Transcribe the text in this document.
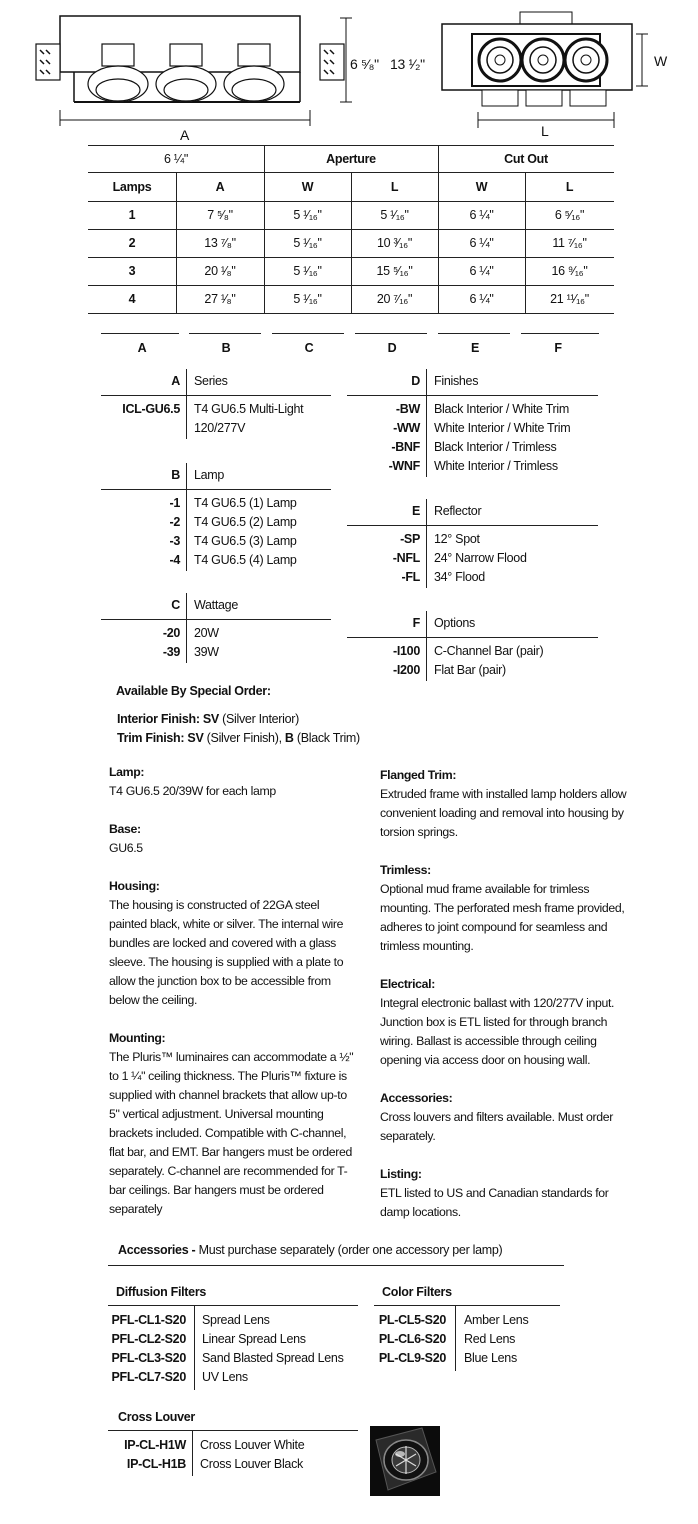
6 ⁵⁄₈"
A
13 ¹⁄₂"	W
L
6 ¼"	Aperture	Cut Out
Lamps	A	W	L	W	L
1	7 ⁵⁄₈"	5 ¹⁄₁₆"	5 ¹⁄₁₆"	6 ¼"	6 ⁵⁄₁₆"
2	13 ⁷⁄₈"	5 ¹⁄₁₆"	10 ³⁄₁₆"	6 ¼"	11 ⁷⁄₁₆"
3	20 ¹⁄₈"	5 ¹⁄₁₆"	15 ⁵⁄₁₆"	6 ¼"	16 ⁹⁄₁₆"
4	27 ¹⁄₈"	5 ¹⁄₁₆"	20 ⁷⁄₁₆"	6 ¼"	21 ¹¹⁄₁₆"
A	B	C	D	E	F
A Series
ICL-GU6.5 T4 GU6.5 Multi-Light
120/277V
B Lamp
-1 T4 GU6.5 (1) Lamp
-2 T4 GU6.5 (2) Lamp
-3 T4 GU6.5 (3) Lamp
-4 T4 GU6.5 (4) Lamp
C Wattage
-20 20W
-39 39W
D Finishes
-BW Black Interior / White Trim
-WW White Interior / White Trim
-BNF Black Interior / Trimless
-WNF White Interior / Trimless
E Reflector
-SP 12° Spot
-NFL 24° Narrow Flood
-FL 34° Flood
F Options
-I100 C-Channel Bar (pair)
-I200 Flat Bar (pair)
Available By Special Order:
Interior Finish: SV (Silver Interior)
Trim Finish: SV (Silver Finish), B (Black Trim)

Lamp:
T4 GU6.5 20/39W for each lamp

Base:
GU6.5

Housing:
The housing is constructed of 22GA steel painted black, white or silver. The internal wire bundles are locked and covered with a glass sleeve. The housing is supplied with a plate to allow the junction box to be accessible from below the ceiling.

Mounting:
The Pluris™ luminaires can accommodate a ½" to 1 ¼" ceiling thickness. The Pluris™ fixture is supplied with channel brackets that allow up-to 5" vertical adjustment. Universal mounting brackets included. Compatible with C-channel, flat bar, and EMT. Bar hangers must be ordered separately. C-channel are recommended for T-bar ceilings. Bar hangers must be ordered separately

Flanged Trim:
Extruded frame with installed lamp holders allow convenient loading and removal into housing by torsion springs.

Trimless:
Optional mud frame available for trimless mounting. The perforated mesh frame provided, adheres to joint compound for seamless and trimless mounting.

Electrical:
Integral electronic ballast with 120/277V input. Junction box is ETL listed for through branch wiring. Ballast is accessible through ceiling opening via access door on housing wall.

Accessories:
Cross louvers and filters available. Must order separately.

Listing:
ETL listed to US and Canadian standards for damp locations.

Accessories - Must purchase separately (order one accessory per lamp)
Diffusion Filters
PFL-CL1-S20 Spread Lens
PFL-CL2-S20 Linear Spread Lens
PFL-CL3-S20 Sand Blasted Spread Lens
PFL-CL7-S20 UV Lens
Color Filters
PL-CL5-S20 Amber Lens
PL-CL6-S20 Red Lens
PL-CL9-S20 Blue Lens
Cross Louver
IP-CL-H1W Cross Louver White
IP-CL-H1B Cross Louver Black
